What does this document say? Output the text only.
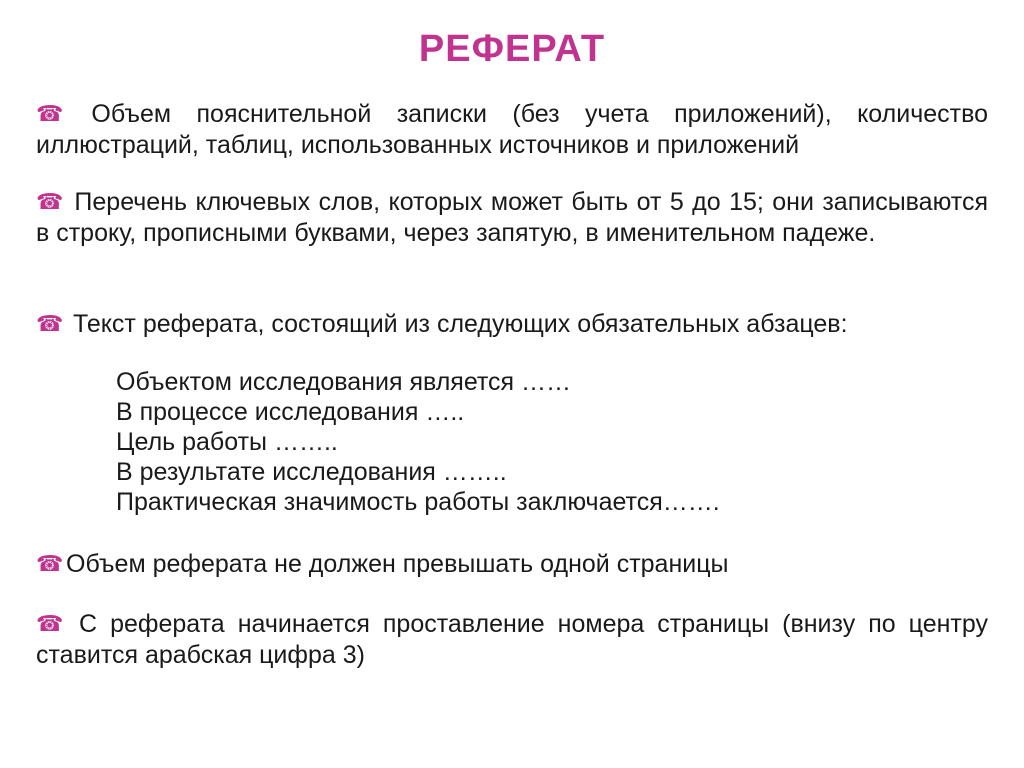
РЕФЕРАТ
☎ Объем пояснительной записки (без учета приложений), количество иллюстраций, таблиц, использованных источников и приложений
☎ Перечень ключевых слов, которых может быть от 5 до 15; они записываются в строку, прописными буквами, через запятую, в именительном падеже.
☎ Текст реферата, состоящий из следующих обязательных абзацев:
Объектом исследования является ……
В процессе исследования …..
Цель работы ……..
В результате исследования ……..
Практическая значимость работы заключается…….
☎ Объем реферата не должен превышать одной страницы
☎ С реферата начинается проставление номера страницы (внизу по центру ставится арабская цифра 3)
